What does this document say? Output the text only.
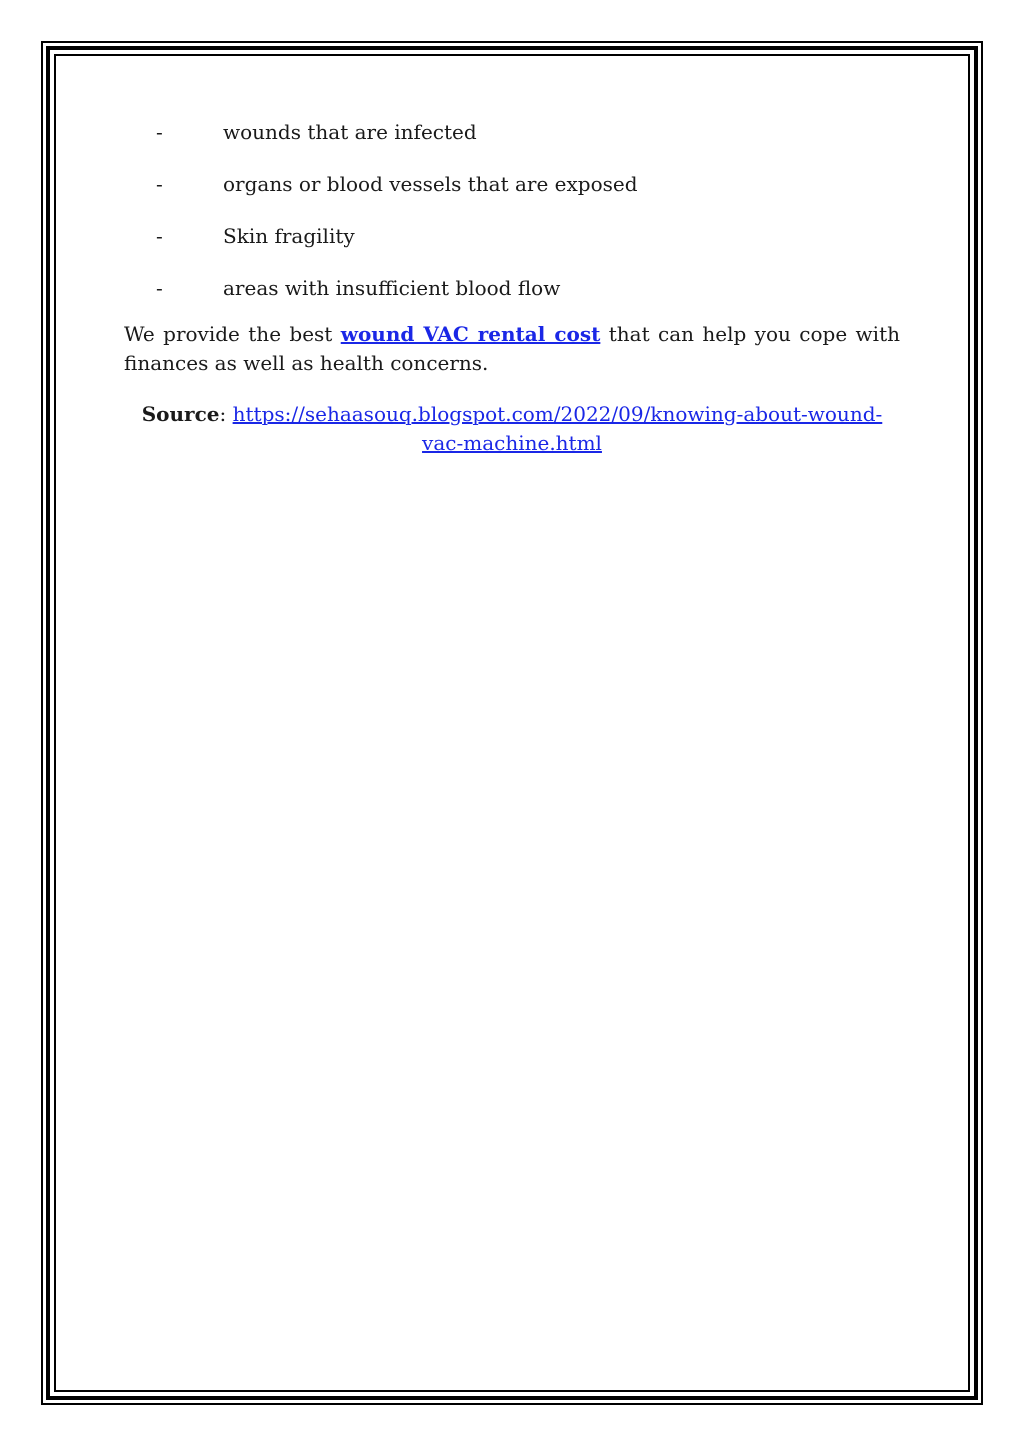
-	wounds that are infected
-	organs or blood vessels that are exposed
-	Skin fragility
-	areas with insufficient blood flow

We provide the best wound VAC rental cost that can help you cope with finances as well as health concerns.

Source: https://sehaasouq.blogspot.com/2022/09/knowing-about-wound-vac-machine.html
